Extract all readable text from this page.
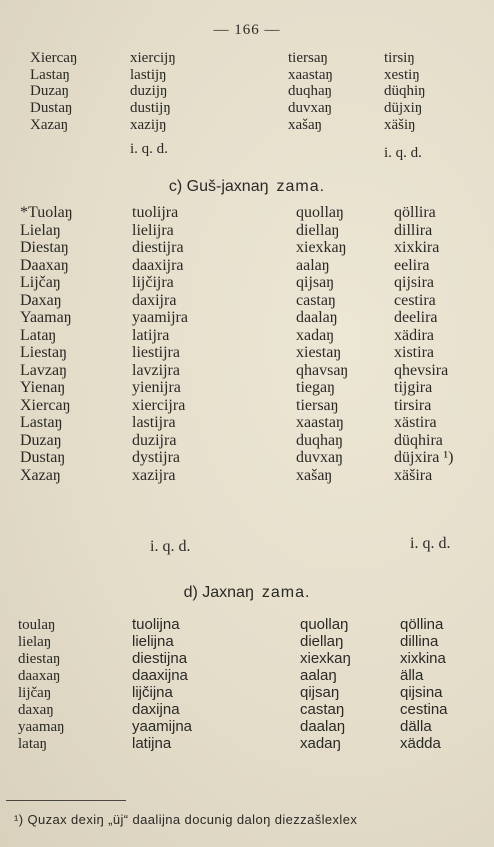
— 166 —
Xiercaŋ	xiercijŋ	tiersaŋ	tirsiŋ
Lastaŋ	lastijŋ	xaastaŋ	xestiŋ
Duzaŋ	duzijŋ	duqhaŋ	düqhiŋ
Dustaŋ	dustijŋ	duvxaŋ	düjxiŋ
Xazaŋ	xazijŋ	xašaŋ	xäšiŋ
i. q. d.	i. q. d.
c) Guš-jaxnaŋ zama.
*Tuolaŋ	tuolijra	quollaŋ	qöllira
Lielaŋ	lielijra	diellaŋ	dillira
Diestaŋ	diestijra	xiexkaŋ	xixkira
Daaxaŋ	daaxijra	aalaŋ	eelira
Lijčaŋ	lijčijra	qijsaŋ	qijsira
Daxaŋ	daxijra	castaŋ	cestira
Yaamaŋ	yaamijra	daalaŋ	deelira
Lataŋ	latijra	xadaŋ	xädira
Liestaŋ	liestijra	xiestaŋ	xistira
Lavzaŋ	lavzijra	qhavsaŋ	qhevsira
Yienaŋ	yienijra	tiegaŋ	tijgira
Xiercaŋ	xiercijra	tiersaŋ	tirsira
Lastaŋ	lastijra	xaastaŋ	xästira
Duzaŋ	duzijra	duqhaŋ	düqhira
Dustaŋ	dystijra	duvxaŋ	düjxira ¹)
Xazaŋ	xazijra	xašaŋ	xäšira
i. q. d.	i. q. d.
d) Jaxnaŋ zama.
toulaŋ	tuolijna	quollaŋ	qöllina
lielaŋ	lielijna	diellaŋ	dillina
diestaŋ	diestijna	xiexkaŋ	xixkina
daaxaŋ	daaxijna	aalaŋ	älla
lijčaŋ	lijčijna	qijsaŋ	qijsina
daxaŋ	daxijna	castaŋ	cestina
yaamaŋ	yaamijna	daalaŋ	dälla
lataŋ	latijna	xadaŋ	xädda
¹) Quzax dexiŋ „üj“ daalijna docunig daloŋ diezzašlexlex
